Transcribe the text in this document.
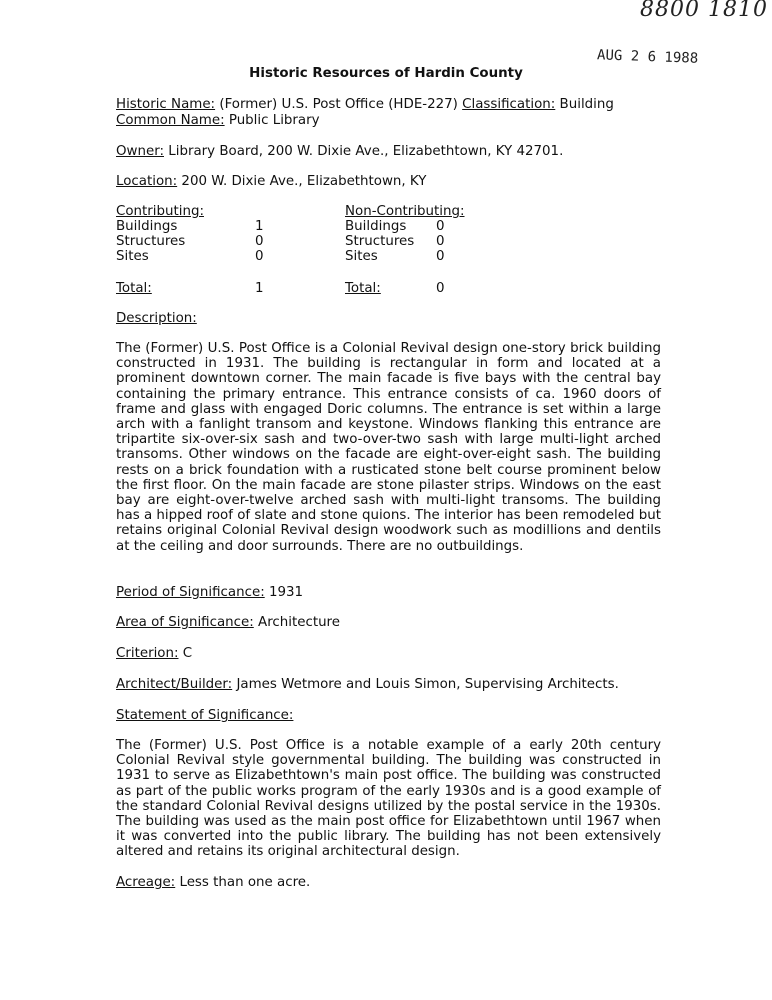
8800 1810
AUG 2 6 1988
Historic Resources of Hardin County
Historic Name: (Former) U.S. Post Office (HDE-227) Classification: Building
Common Name: Public Library
Owner: Library Board, 200 W. Dixie Ave., Elizabethtown, KY 42701.
Location: 200 W. Dixie Ave., Elizabethtown, KY
Contributing:	Non-Contributing:
Buildings	1	Buildings 0
Structures	0	Structures 0
Sites	0	Sites	0
Total:	1	Total:	0
Description:
The (Former) U.S. Post Office is a Colonial Revival design one-story brick building constructed in 1931. The building is rectangular in form and located at a prominent downtown corner. The main facade is five bays with the central bay containing the primary entrance. This entrance consists of ca. 1960 doors of frame and glass with engaged Doric columns. The entrance is set within a large arch with a fanlight transom and keystone. Windows flanking this entrance are tripartite six-over-six sash and two-over-two sash with large multi-light arched transoms. Other windows on the facade are eight-over-eight sash. The building rests on a brick foundation with a rusticated stone belt course prominent below the first floor. On the main facade are stone pilaster strips. Windows on the east bay are eight-over-twelve arched sash with multi-light transoms. The building has a hipped roof of slate and stone quions. The interior has been remodeled but retains original Colonial Revival design woodwork such as modillions and dentils at the ceiling and door surrounds. There are no outbuildings.
Period of Significance: 1931
Area of Significance: Architecture
Criterion: C
Architect/Builder: James Wetmore and Louis Simon, Supervising Architects.
Statement of Significance:
The (Former) U.S. Post Office is a notable example of a early 20th century Colonial Revival style governmental building. The building was constructed in 1931 to serve as Elizabethtown's main post office. The building was constructed as part of the public works program of the early 1930s and is a good example of the standard Colonial Revival designs utilized by the postal service in the 1930s. The building was used as the main post office for Elizabethtown until 1967 when it was converted into the public library. The building has not been extensively altered and retains its original architectural design.
Acreage: Less than one acre.
